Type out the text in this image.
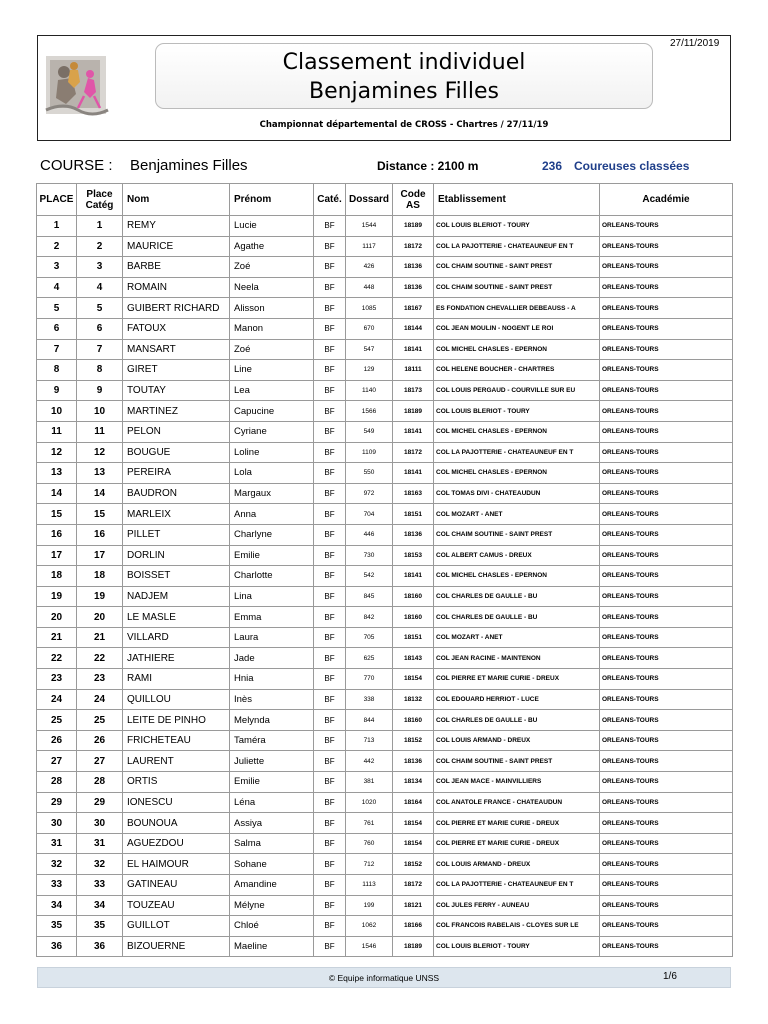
27/11/2019
Classement individuel
Benjamines Filles
Championnat départemental de CROSS - Chartres / 27/11/19
COURSE : Benjamines Filles	Distance : 2100 m	236 Coureuses classées
PLACE	Place Catég	Nom	Prénom	Caté.	Dossard	Code AS	Etablissement	Académie
1	1	REMY	Lucie	BF	1544	18189	COL LOUIS BLERIOT - TOURY	ORLEANS-TOURS
2	2	MAURICE	Agathe	BF	1117	18172	COL LA PAJOTTERIE - CHATEAUNEUF EN T	ORLEANS-TOURS
3	3	BARBE	Zoé	BF	426	18136	COL CHAIM SOUTINE - SAINT PREST	ORLEANS-TOURS
4	4	ROMAIN	Neela	BF	448	18136	COL CHAIM SOUTINE - SAINT PREST	ORLEANS-TOURS
5	5	GUIBERT RICHARD	Alisson	BF	1085	18167	ES FONDATION CHEVALLIER DEBEAUSS - A	ORLEANS-TOURS
6	6	FATOUX	Manon	BF	670	18144	COL JEAN MOULIN - NOGENT LE ROI	ORLEANS-TOURS
7	7	MANSART	Zoé	BF	547	18141	COL MICHEL CHASLES - EPERNON	ORLEANS-TOURS
8	8	GIRET	Line	BF	129	18111	COL HELENE BOUCHER - CHARTRES	ORLEANS-TOURS
9	9	TOUTAY	Lea	BF	1140	18173	COL LOUIS PERGAUD - COURVILLE SUR EU	ORLEANS-TOURS
10	10	MARTINEZ	Capucine	BF	1566	18189	COL LOUIS BLERIOT - TOURY	ORLEANS-TOURS
11	11	PELON	Cyriane	BF	549	18141	COL MICHEL CHASLES - EPERNON	ORLEANS-TOURS
12	12	BOUGUE	Loline	BF	1109	18172	COL LA PAJOTTERIE - CHATEAUNEUF EN T	ORLEANS-TOURS
13	13	PEREIRA	Lola	BF	550	18141	COL MICHEL CHASLES - EPERNON	ORLEANS-TOURS
14	14	BAUDRON	Margaux	BF	972	18163	COL TOMAS DIVI - CHATEAUDUN	ORLEANS-TOURS
15	15	MARLEIX	Anna	BF	704	18151	COL MOZART - ANET	ORLEANS-TOURS
16	16	PILLET	Charlyne	BF	446	18136	COL CHAIM SOUTINE - SAINT PREST	ORLEANS-TOURS
17	17	DORLIN	Emilie	BF	730	18153	COL ALBERT CAMUS - DREUX	ORLEANS-TOURS
18	18	BOISSET	Charlotte	BF	542	18141	COL MICHEL CHASLES - EPERNON	ORLEANS-TOURS
19	19	NADJEM	Lina	BF	845	18160	COL CHARLES DE GAULLE - BU	ORLEANS-TOURS
20	20	LE MASLE	Emma	BF	842	18160	COL CHARLES DE GAULLE - BU	ORLEANS-TOURS
21	21	VILLARD	Laura	BF	705	18151	COL MOZART - ANET	ORLEANS-TOURS
22	22	JATHIERE	Jade	BF	625	18143	COL JEAN RACINE - MAINTENON	ORLEANS-TOURS
23	23	RAMI	Hnia	BF	770	18154	COL PIERRE ET MARIE CURIE - DREUX	ORLEANS-TOURS
24	24	QUILLOU	Inès	BF	338	18132	COL EDOUARD HERRIOT - LUCE	ORLEANS-TOURS
25	25	LEITE DE PINHO	Melynda	BF	844	18160	COL CHARLES DE GAULLE - BU	ORLEANS-TOURS
26	26	FRICHETEAU	Taméra	BF	713	18152	COL LOUIS ARMAND - DREUX	ORLEANS-TOURS
27	27	LAURENT	Juliette	BF	442	18136	COL CHAIM SOUTINE - SAINT PREST	ORLEANS-TOURS
28	28	ORTIS	Emilie	BF	381	18134	COL JEAN MACE - MAINVILLIERS	ORLEANS-TOURS
29	29	IONESCU	Léna	BF	1020	18164	COL ANATOLE FRANCE - CHATEAUDUN	ORLEANS-TOURS
30	30	BOUNOUA	Assiya	BF	761	18154	COL PIERRE ET MARIE CURIE - DREUX	ORLEANS-TOURS
31	31	AGUEZDOU	Salma	BF	760	18154	COL PIERRE ET MARIE CURIE - DREUX	ORLEANS-TOURS
32	32	EL HAIMOUR	Sohane	BF	712	18152	COL LOUIS ARMAND - DREUX	ORLEANS-TOURS
33	33	GATINEAU	Amandine	BF	1113	18172	COL LA PAJOTTERIE - CHATEAUNEUF EN T	ORLEANS-TOURS
34	34	TOUZEAU	Mélyne	BF	199	18121	COL JULES FERRY - AUNEAU	ORLEANS-TOURS
35	35	GUILLOT	Chloé	BF	1062	18166	COL FRANCOIS RABELAIS - CLOYES SUR LE	ORLEANS-TOURS
36	36	BIZOUERNE	Maeline	BF	1546	18189	COL LOUIS BLERIOT - TOURY	ORLEANS-TOURS
© Equipe informatique UNSS	1/6
